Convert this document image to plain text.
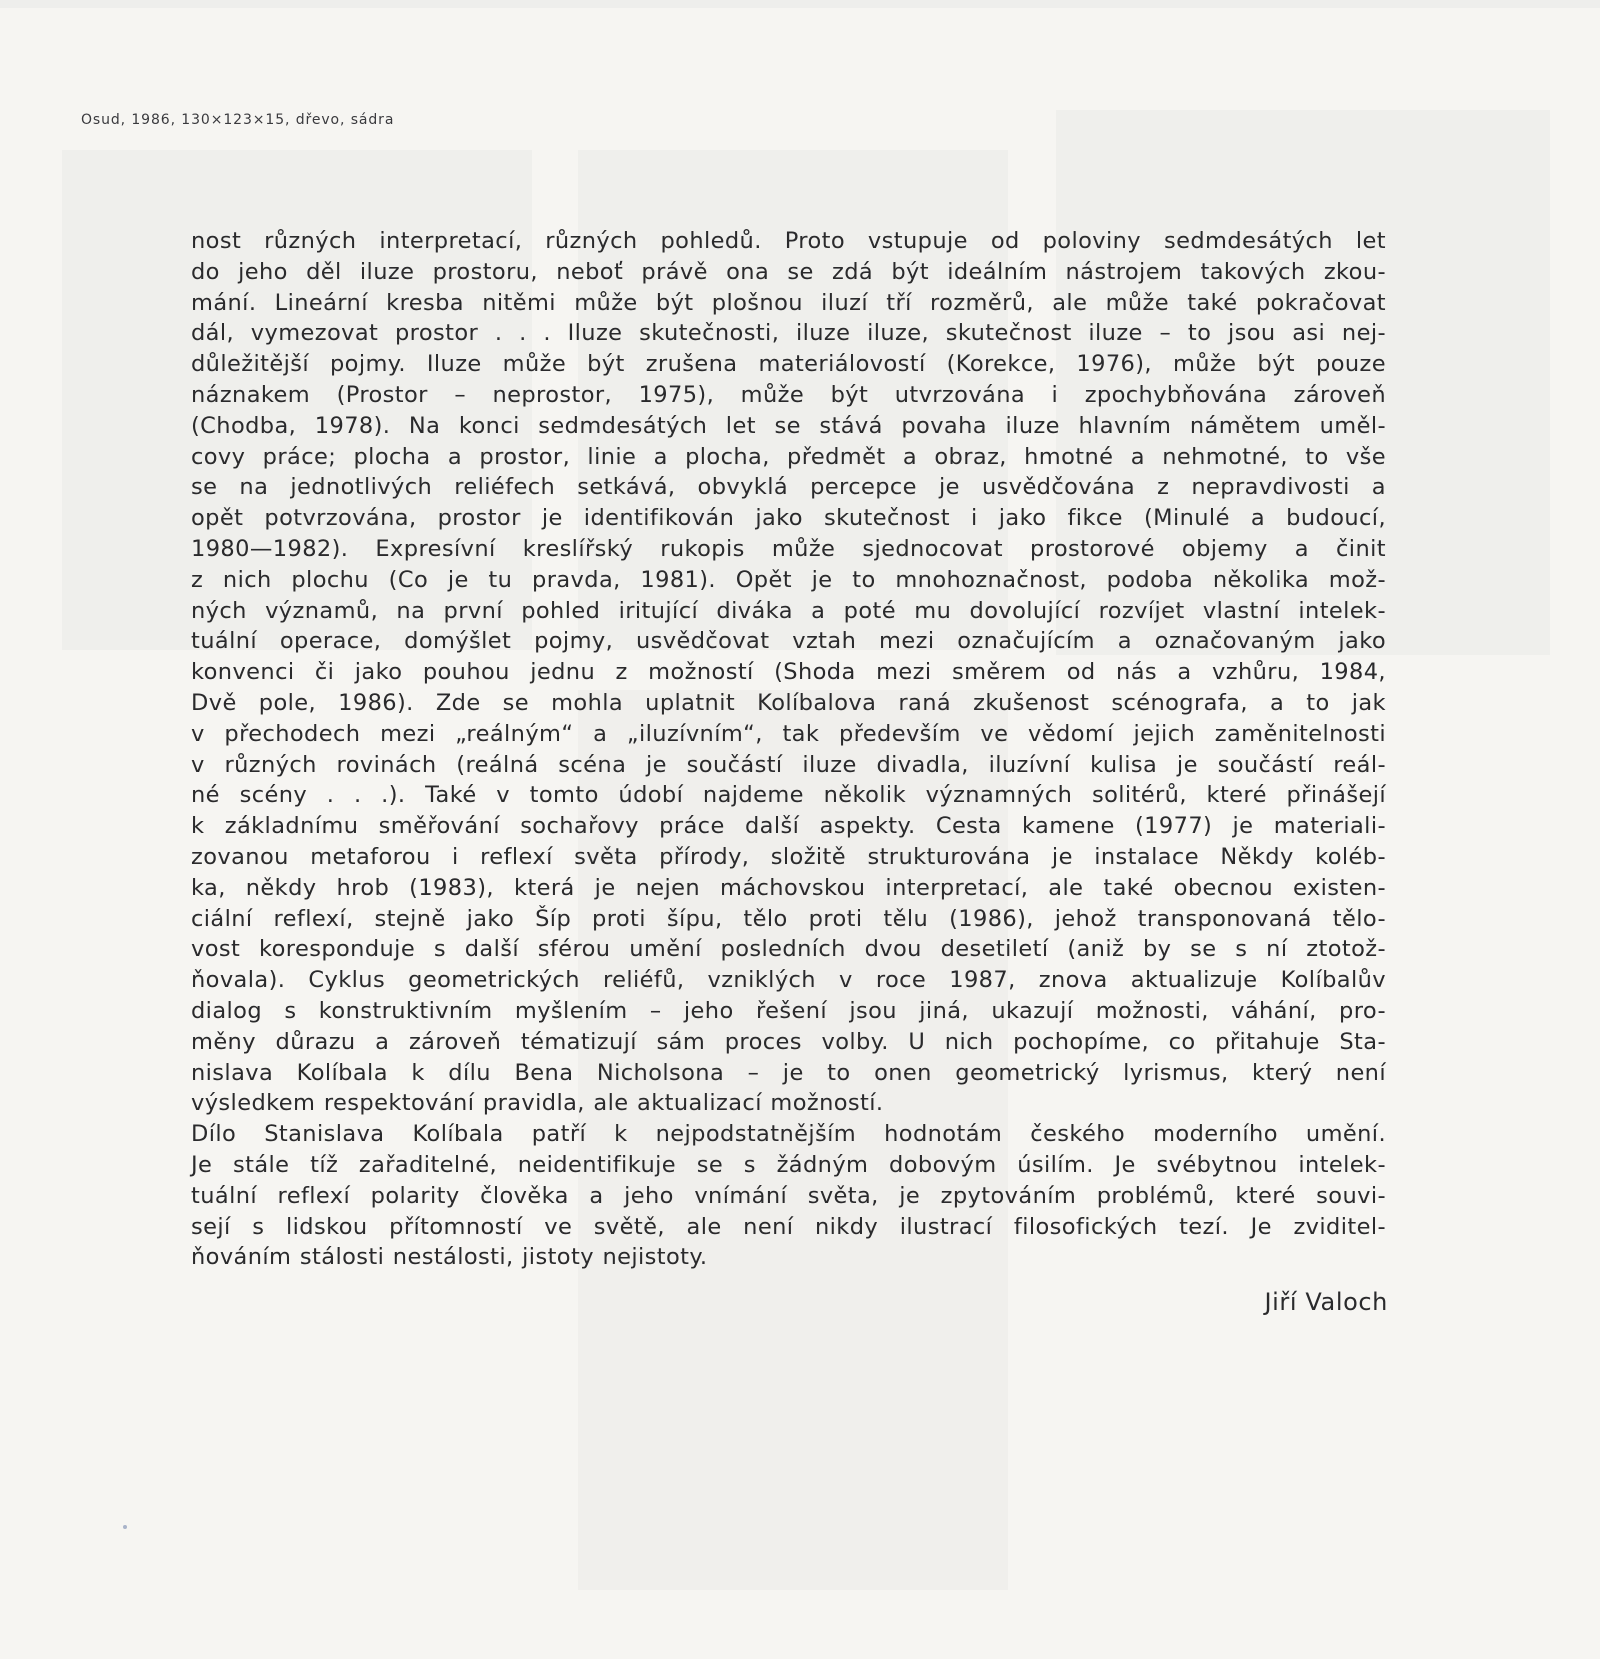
Osud, 1986, 130×123×15, dřevo, sádra
nost různých interpretací, různých pohledů. Proto vstupuje od poloviny sedmdesátých let
do jeho děl iluze prostoru, neboť právě ona se zdá být ideálním nástrojem takových zkou-
mání. Lineární kresba nitěmi může být plošnou iluzí tří rozměrů, ale může také pokračovat
dál, vymezovat prostor . . . Iluze skutečnosti, iluze iluze, skutečnost iluze – to jsou asi nej-
důležitější pojmy. Iluze může být zrušena materiálovostí (Korekce, 1976), může být pouze
náznakem (Prostor – neprostor, 1975), může být utvrzována i zpochybňována zároveň
(Chodba, 1978). Na konci sedmdesátých let se stává povaha iluze hlavním námětem uměl-
covy práce; plocha a prostor, linie a plocha, předmět a obraz, hmotné a nehmotné, to vše
se na jednotlivých reliéfech setkává, obvyklá percepce je usvědčována z nepravdivosti a
opět potvrzována, prostor je identifikován jako skutečnost i jako fikce (Minulé a budoucí,
1980—1982). Expresívní kreslířský rukopis může sjednocovat prostorové objemy a činit
z nich plochu (Co je tu pravda, 1981). Opět je to mnohoznačnost, podoba několika mož-
ných významů, na první pohled iritující diváka a poté mu dovolující rozvíjet vlastní intelek-
tuální operace, domýšlet pojmy, usvědčovat vztah mezi označujícím a označovaným jako
konvenci či jako pouhou jednu z možností (Shoda mezi směrem od nás a vzhůru, 1984,
Dvě pole, 1986). Zde se mohla uplatnit Kolíbalova raná zkušenost scénografa, a to jak
v přechodech mezi „reálným“ a „iluzívním“, tak především ve vědomí jejich zaměnitelnosti
v různých rovinách (reálná scéna je součástí iluze divadla, iluzívní kulisa je součástí reál-
né scény . . .). Také v tomto údobí najdeme několik významných solitérů, které přinášejí
k základnímu směřování sochařovy práce další aspekty. Cesta kamene (1977) je materiali-
zovanou metaforou i reflexí světa přírody, složitě strukturována je instalace Někdy koléb-
ka, někdy hrob (1983), která je nejen máchovskou interpretací, ale také obecnou existen-
ciální reflexí, stejně jako Šíp proti šípu, tělo proti tělu (1986), jehož transponovaná tělo-
vost koresponduje s další sférou umění posledních dvou desetiletí (aniž by se s ní ztotož-
ňovala). Cyklus geometrických reliéfů, vzniklých v roce 1987, znova aktualizuje Kolíbalův
dialog s konstruktivním myšlením – jeho řešení jsou jiná, ukazují možnosti, váhání, pro-
měny důrazu a zároveň tématizují sám proces volby. U nich pochopíme, co přitahuje Sta-
nislava Kolíbala k dílu Bena Nicholsona – je to onen geometrický lyrismus, který není
výsledkem respektování pravidla, ale aktualizací možností.
Dílo Stanislava Kolíbala patří k nejpodstatnějším hodnotám českého moderního umění.
Je stále tíž zařaditelné, neidentifikuje se s žádným dobovým úsilím. Je svébytnou intelek-
tuální reflexí polarity člověka a jeho vnímání světa, je zpytováním problémů, které souvi-
sejí s lidskou přítomností ve světě, ale není nikdy ilustrací filosofických tezí. Je zviditel-
ňováním stálosti nestálosti, jistoty nejistoty.
Jiří Valoch
